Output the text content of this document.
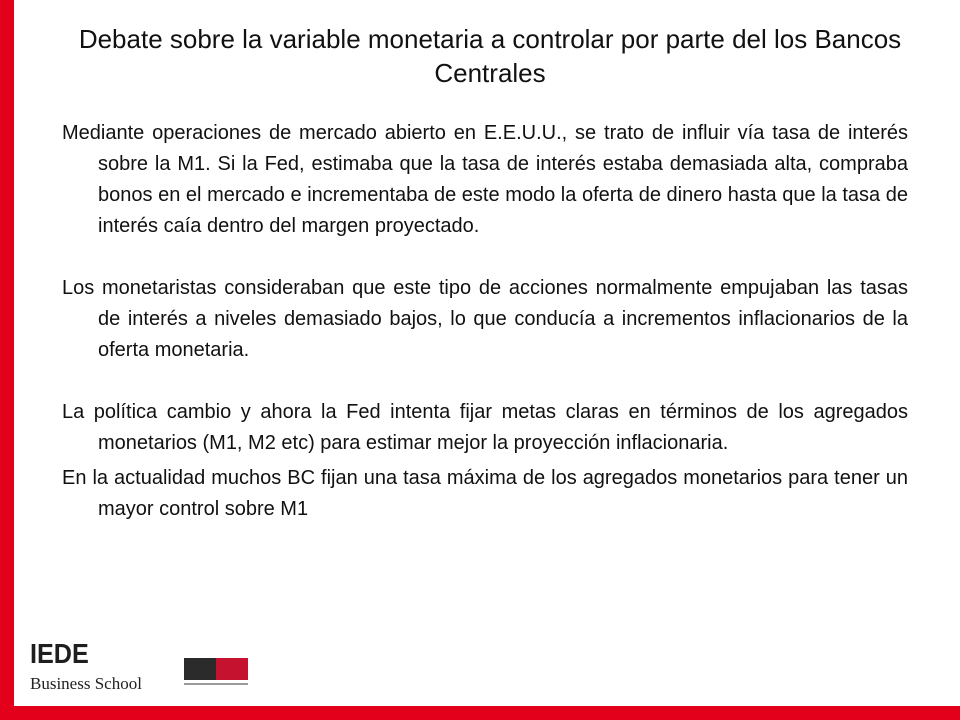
Debate sobre la variable monetaria a controlar por parte del los Bancos Centrales

Mediante operaciones de mercado abierto en E.E.U.U., se trato de influir vía tasa de interés sobre la M1. Si la Fed, estimaba que la tasa de interés estaba demasiada alta, compraba bonos en el mercado e incrementaba de este modo la oferta de dinero hasta que la tasa de interés caía dentro del margen proyectado.

Los monetaristas consideraban que este tipo de acciones normalmente empujaban las tasas de interés a niveles demasiado bajos, lo que conducía a incrementos inflacionarios de la oferta monetaria.

La política cambio y ahora la Fed intenta fijar metas claras en términos de los agregados monetarios (M1, M2 etc) para estimar mejor la proyección inflacionaria.

En la actualidad muchos BC fijan una tasa máxima de los agregados monetarios para tener un mayor control sobre M1

IEDE
Business School
